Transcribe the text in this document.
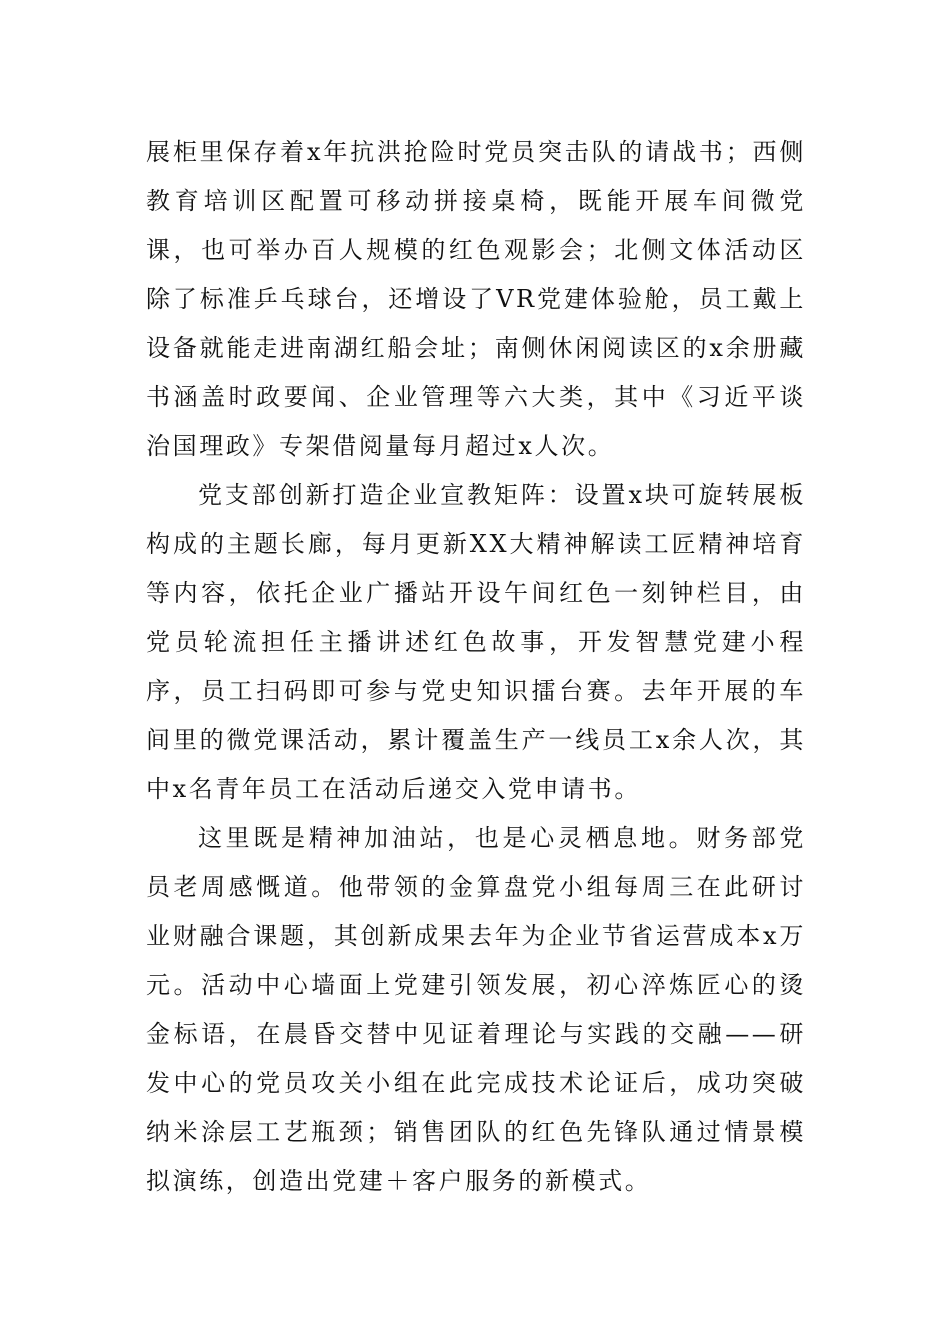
展柜里保存着x年抗洪抢险时党员突击队的请战书；西侧教育培训区配置可移动拼接桌椅，既能开展车间微党课，也可举办百人规模的红色观影会；北侧文体活动区除了标准乒乓球台，还增设了VR党建体验舱，员工戴上设备就能走进南湖红船会址；南侧休闲阅读区的x余册藏书涵盖时政要闻、企业管理等六大类，其中《习近平谈治国理政》专架借阅量每月超过x人次。

党支部创新打造企业宣教矩阵：设置x块可旋转展板构成的主题长廊，每月更新XX大精神解读工匠精神培育等内容，依托企业广播站开设午间红色一刻钟栏目，由党员轮流担任主播讲述红色故事，开发智慧党建小程序，员工扫码即可参与党史知识擂台赛。去年开展的车间里的微党课活动，累计覆盖生产一线员工x余人次，其中x名青年员工在活动后递交入党申请书。

这里既是精神加油站，也是心灵栖息地。财务部党员老周感慨道。他带领的金算盘党小组每周三在此研讨业财融合课题，其创新成果去年为企业节省运营成本x万元。活动中心墙面上党建引领发展，初心淬炼匠心的烫金标语，在晨昏交替中见证着理论与实践的交融——研发中心的党员攻关小组在此完成技术论证后，成功突破纳米涂层工艺瓶颈；销售团队的红色先锋队通过情景模拟演练，创造出党建＋客户服务的新模式。
